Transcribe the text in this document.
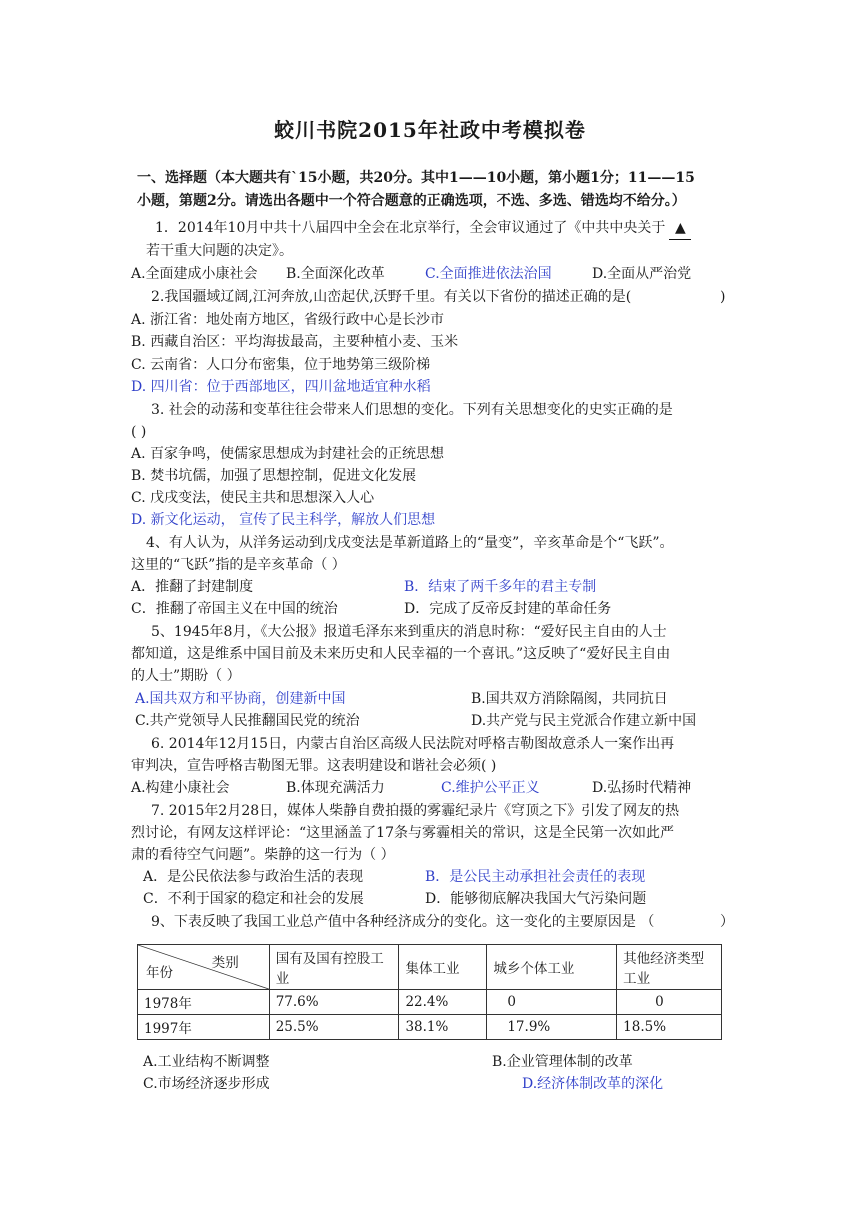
蛟川书院2015年社政中考模拟卷
一、选择题（本大题共有`15小题，共20分。其中1——10小题，第小题1分；11——15
小题，第题2分。请选出各题中一个符合题意的正确选项，不选、多选、错选均不给分。）
1．2014年10月中共十八届四中全会在北京举行，全会审议通过了《中共中央关于 ▲
若干重大问题的决定》。
A.全面建成小康社会 B.全面深化改革	C.全面推进依法治国	D.全面从严治党
2.我国疆域辽阔,江河奔放,山峦起伏,沃野千里。有关以下省份的描述正确的是(	)
A. 浙江省：地处南方地区，省级行政中心是长沙市
B. 西藏自治区：平均海拔最高，主要种植小麦、玉米
C. 云南省：人口分布密集，位于地势第三级阶梯
D. 四川省：位于西部地区，四川盆地适宜种水稻
3. 社会的动荡和变革往往会带来人们思想的变化。下列有关思想变化的史实正确的是
( )
A. 百家争鸣，使儒家思想成为封建社会的正统思想
B. 焚书坑儒，加强了思想控制，促进文化发展
C. 戊戌变法，使民主共和思想深入人心
D. 新文化运动， 宣传了民主科学，解放人们思想
4、有人认为，从洋务运动到戊戌变法是革新道路上的“量变”，辛亥革命是个“飞跃”。
这里的“飞跃”指的是辛亥革命（ ）
A．推翻了封建制度	B．结束了两千多年的君主专制
C．推翻了帝国主义在中国的统治	D．完成了反帝反封建的革命任务
5、1945年8月，《大公报》报道毛泽东来到重庆的消息时称：“爱好民主自由的人士
都知道，这是维系中国目前及未来历史和人民幸福的一个喜讯。”这反映了“爱好民主自由
的人士”期盼（ ）
A.国共双方和平协商，创建新中国	B.国共双方消除隔阂，共同抗日
C.共产党领导人民推翻国民党的统治	D.共产党与民主党派合作建立新中国
6. 2014年12月15日，内蒙古自治区高级人民法院对呼格吉勒图故意杀人一案作出再
审判决，宣告呼格吉勒图无罪。这表明建设和谐社会必须( )
A.构建小康社会	B.体现充满活力	C.维护公平正义	D.弘扬时代精神
7. 2015年2月28日，媒体人柴静自费拍摄的雾霾纪录片《穹顶之下》引发了网友的热
烈讨论，有网友这样评论：“这里涵盖了17条与雾霾相关的常识，这是全民第一次如此严
肃的看待空气问题”。柴静的这一行为（ ）
A．是公民依法参与政治生活的表现	B．是公民主动承担社会责任的表现
C．不利于国家的稳定和社会的发展	D．能够彻底解决我国大气污染问题
9、下表反映了我国工业总产值中各种经济成分的变化。这一变化的主要原因是 （	）
类别
年份	国有及国有控股工业	集体工业	城乡个体工业	其他经济类型工业
1978年	77.6%	22.4%	0	0
1997年	25.5%	38.1%	17.9%	18.5%
A.工业结构不断调整	B.企业管理体制的改革
C.市场经济逐步形成	D.经济体制改革的深化
